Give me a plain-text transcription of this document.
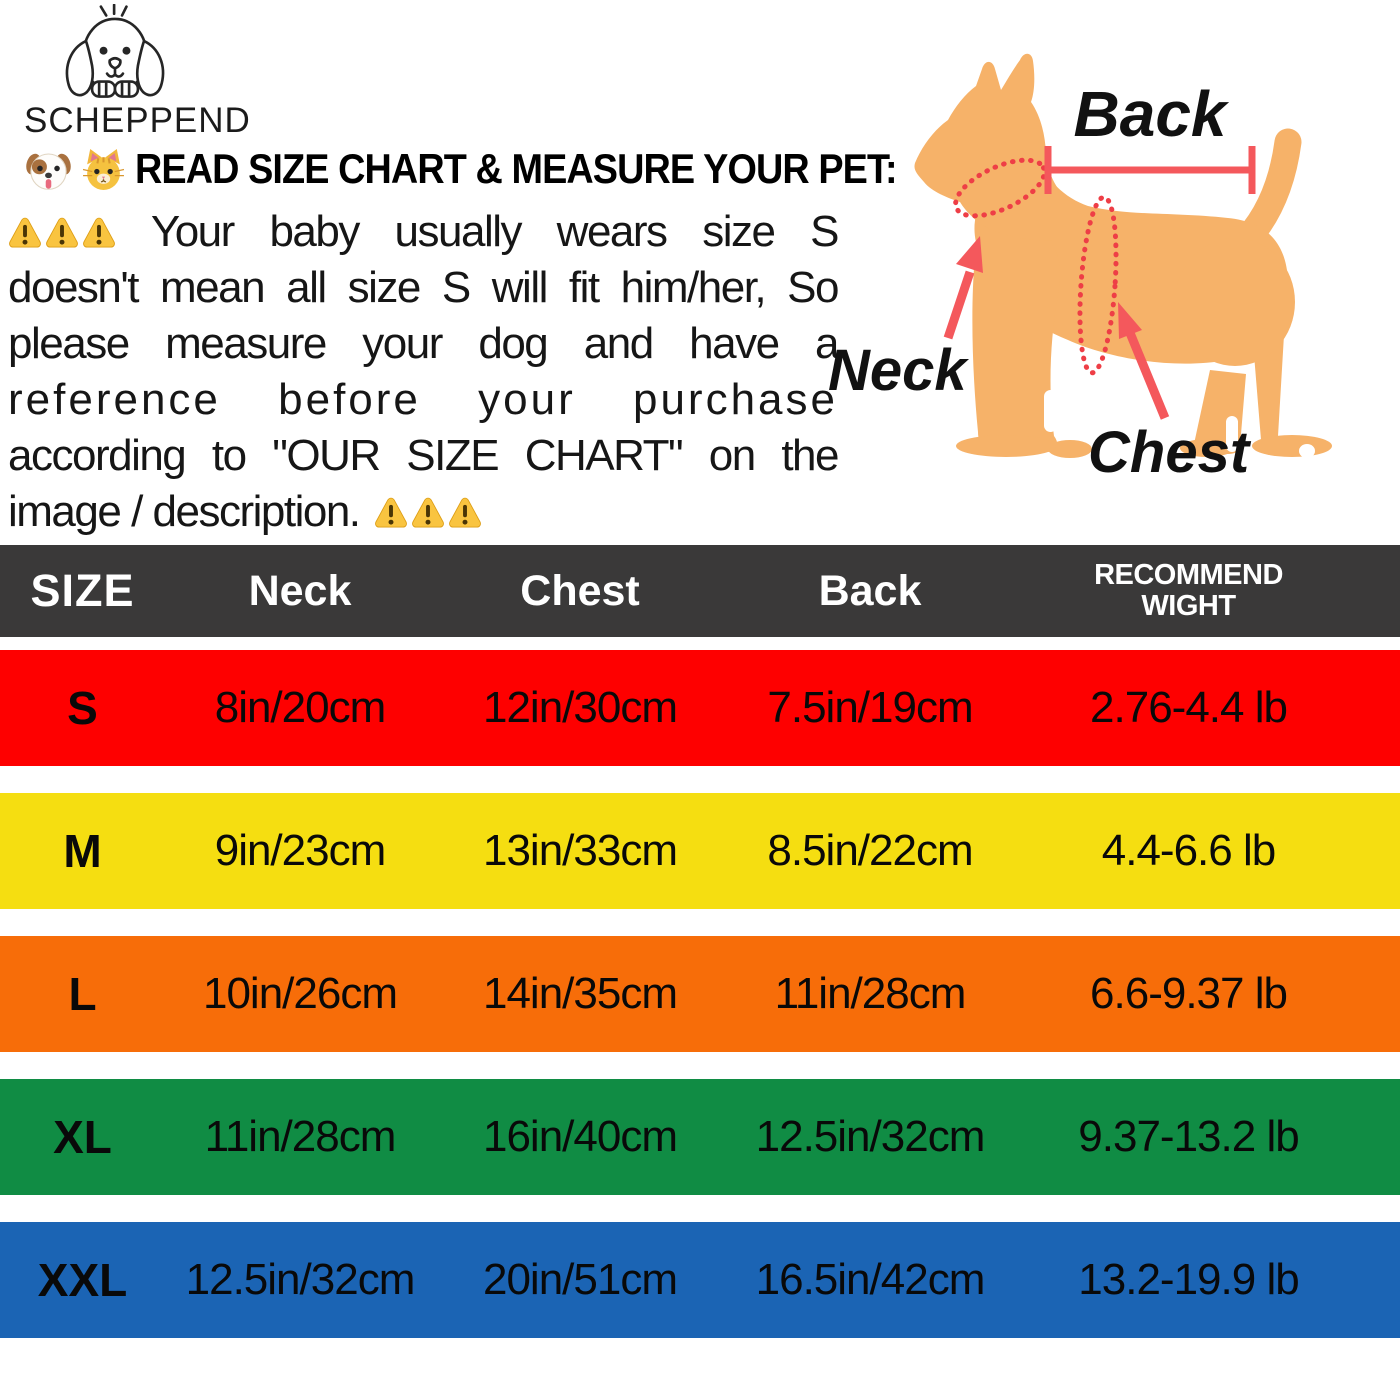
SCHEPPEND
READ SIZE CHART & MEASURE YOUR PET:
Your baby usually wears size S
doesn't mean all size S will fit him/her, So
please measure your dog and have a
reference before your purchase
according to "OUR SIZE CHART" on the
image / description.
Back
Neck
Chest
SIZE	Neck	Chest	Back	RECOMMEND WIGHT
S	8in/20cm	12in/30cm	7.5in/19cm	2.76-4.4 lb
M	9in/23cm	13in/33cm	8.5in/22cm	4.4-6.6 lb
L	10in/26cm	14in/35cm	11in/28cm	6.6-9.37 lb
XL	11in/28cm	16in/40cm	12.5in/32cm	9.37-13.2 lb
XXL	12.5in/32cm	20in/51cm	16.5in/42cm	13.2-19.9 lb
